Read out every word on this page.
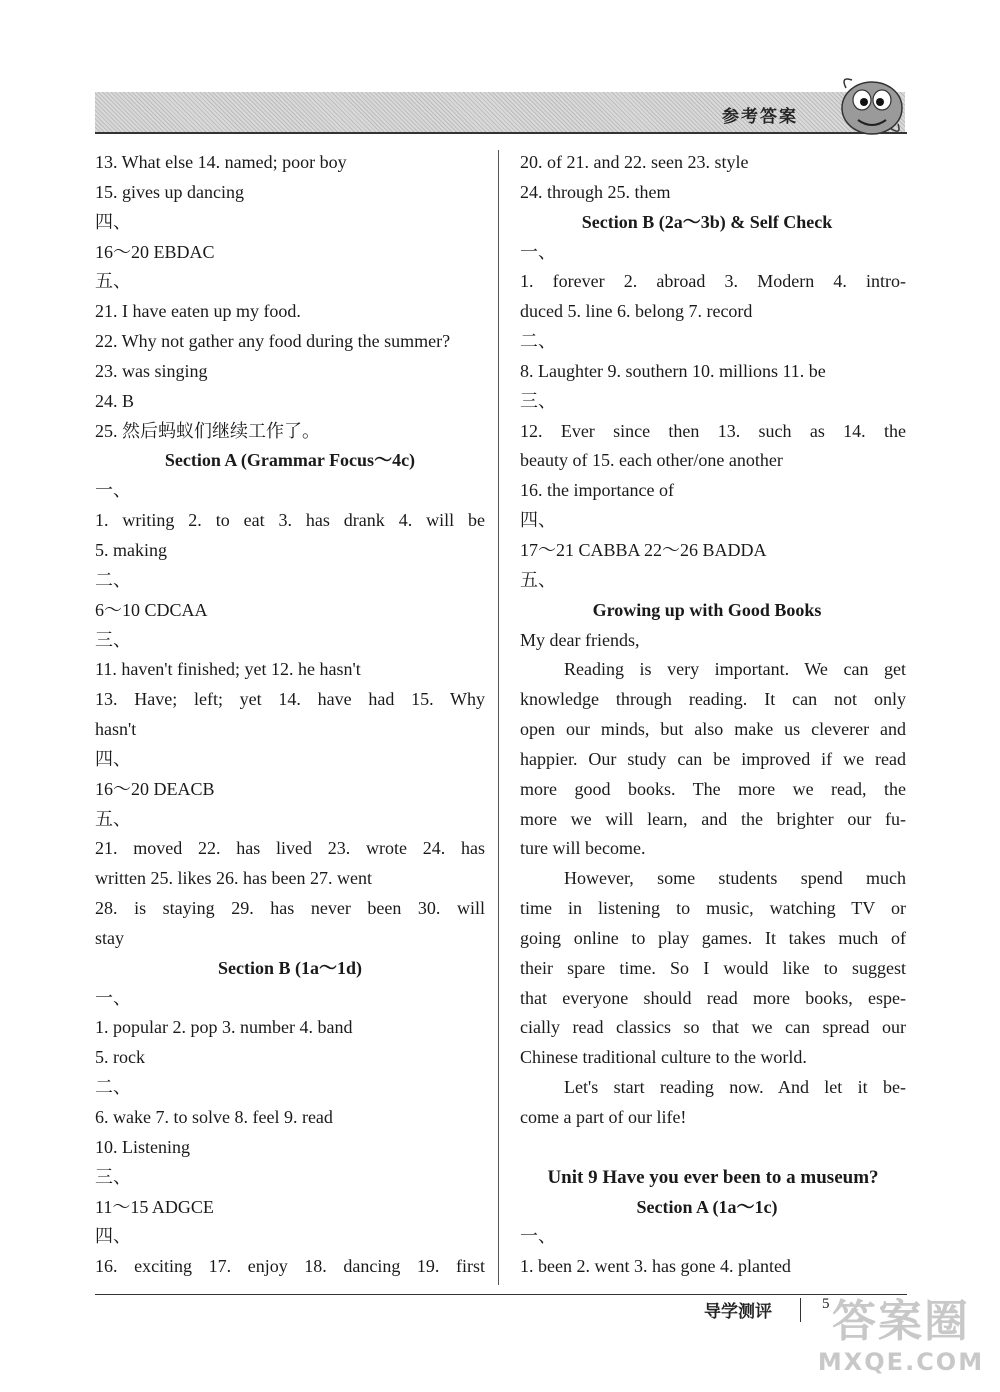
参考答案
13. What else 14. named; poor boy
15. gives up dancing
四、
16～20 EBDAC
五、
21. I have eaten up my food.
22. Why not gather any food during the summer?
23. was singing
24. B
25. 然后蚂蚁们继续工作了。
Section A (Grammar Focus～4c)
一、
1. writing 2. to eat 3. has drank 4. will be
5. making
二、
6～10 CDCAA
三、
11. haven't finished; yet 12. he hasn't
13. Have; left; yet 14. have had 15. Why
hasn't
四、
16～20 DEACB
五、
21. moved 22. has lived 23. wrote 24. has
written 25. likes 26. has been 27. went
28. is staying 29. has never been 30. will
stay
Section B (1a～1d)
一、
1. popular 2. pop 3. number 4. band
5. rock
二、
6. wake 7. to solve 8. feel 9. read
10. Listening
三、
11～15 ADGCE
四、
16. exciting 17. enjoy 18. dancing 19. first
20. of 21. and 22. seen 23. style
24. through 25. them
Section B (2a～3b) & Self Check
一、
1. forever 2. abroad 3. Modern 4. intro-
duced 5. line 6. belong 7. record
二、
8. Laughter 9. southern 10. millions 11. be
三、
12. Ever since then 13. such as 14. the
beauty of 15. each other/one another
16. the importance of
四、
17～21 CABBA 22～26 BADDA
五、
Growing up with Good Books
My dear friends,
Reading is very important. We can get
knowledge through reading. It can not only
open our minds, but also make us cleverer and
happier. Our study can be improved if we read
more good books. The more we read, the
more we will learn, and the brighter our fu-
ture will become.
However, some students spend much
time in listening to music, watching TV or
going online to play games. It takes much of
their spare time. So I would like to suggest
that everyone should read more books, espe-
cially read classics so that we can spread our
Chinese traditional culture to the world.
Let's start reading now. And let it be-
come a part of our life!
Unit 9 Have you ever been to a museum?
Section A (1a～1c)
一、
1. been 2. went 3. has gone 4. planted
导学测评	5 答案圈
MXQE.COM
